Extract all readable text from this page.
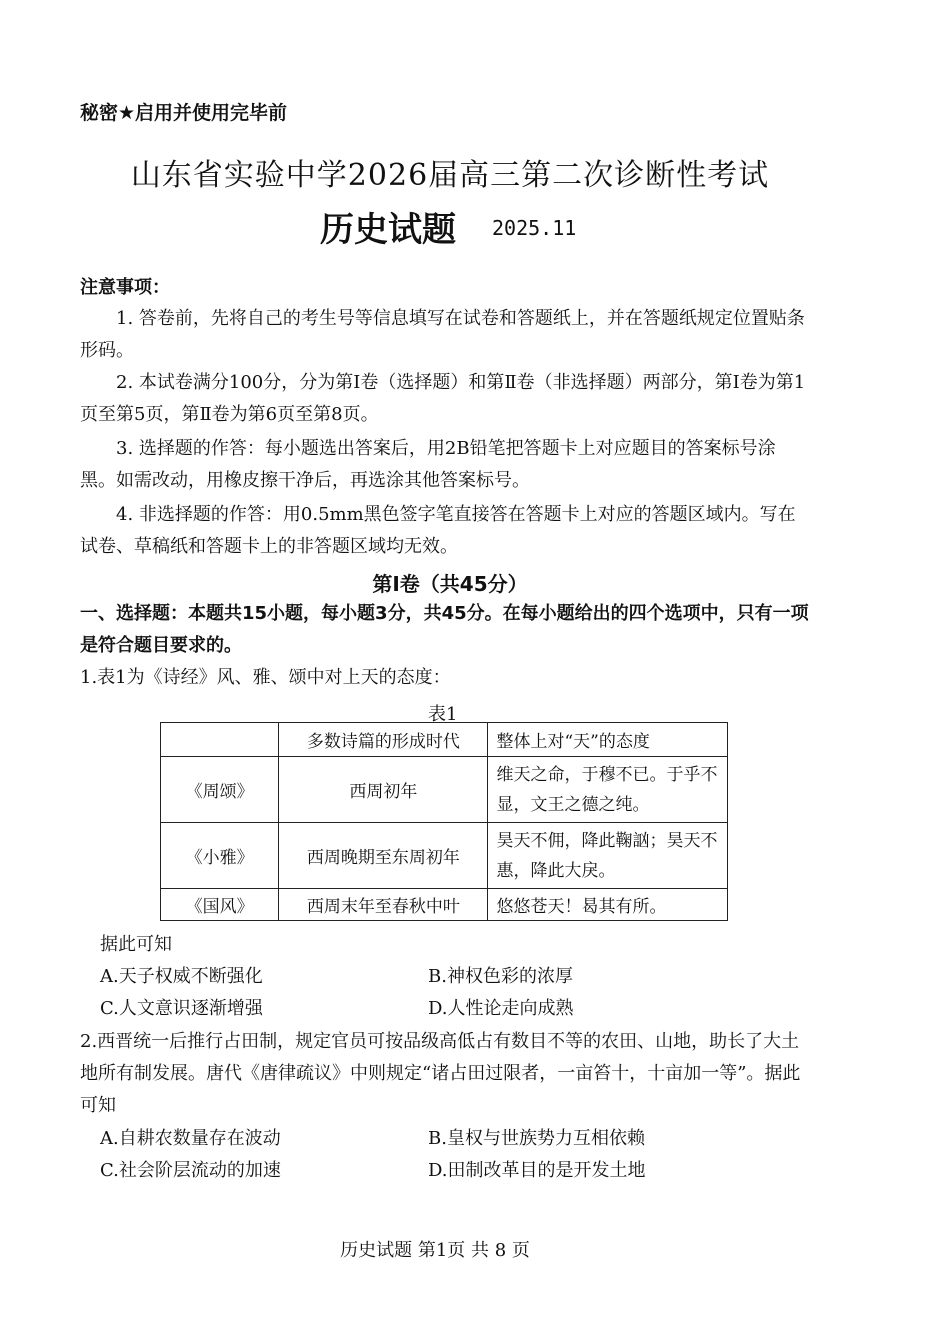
秘密★启用并使用完毕前
山东省实验中学2026届高三第二次诊断性考试
历史试题 2025.11
注意事项：
1. 答卷前，先将自己的考生号等信息填写在试卷和答题纸上，并在答题纸规定位置贴条形码。
2. 本试卷满分100分，分为第Ⅰ卷（选择题）和第Ⅱ卷（非选择题）两部分，第Ⅰ卷为第1页至第5页，第Ⅱ卷为第6页至第8页。
3. 选择题的作答：每小题选出答案后，用2B铅笔把答题卡上对应题目的答案标号涂黑。如需改动，用橡皮擦干净后，再选涂其他答案标号。
4. 非选择题的作答：用0.5mm黑色签字笔直接答在答题卡上对应的答题区域内。写在试卷、草稿纸和答题卡上的非答题区域均无效。
第Ⅰ卷（共45分）
一、选择题：本题共15小题，每小题3分，共45分。在每小题给出的四个选项中，只有一项是符合题目要求的。
1.表1为《诗经》风、雅、颂中对上天的态度：
表1
	多数诗篇的形成时代	整体上对“天”的态度
《周颂》	西周初年	维天之命，于穆不已。于乎不显，文王之德之纯。
《小雅》	西周晚期至东周初年	昊天不佣，降此鞠訩；昊天不惠，降此大戾。
《国风》	西周末年至春秋中叶	悠悠苍天！曷其有所。
据此可知
A.天子权威不断强化	B.神权色彩的浓厚
C.人文意识逐渐增强	D.人性论走向成熟
2.西晋统一后推行占田制，规定官员可按品级高低占有数目不等的农田、山地，助长了大土地所有制发展。唐代《唐律疏议》中则规定“诸占田过限者，一亩笞十，十亩加一等”。据此可知
A.自耕农数量存在波动	B.皇权与世族势力互相依赖
C.社会阶层流动的加速	D.田制改革目的是开发土地
历史试题 第1页 共 8 页
